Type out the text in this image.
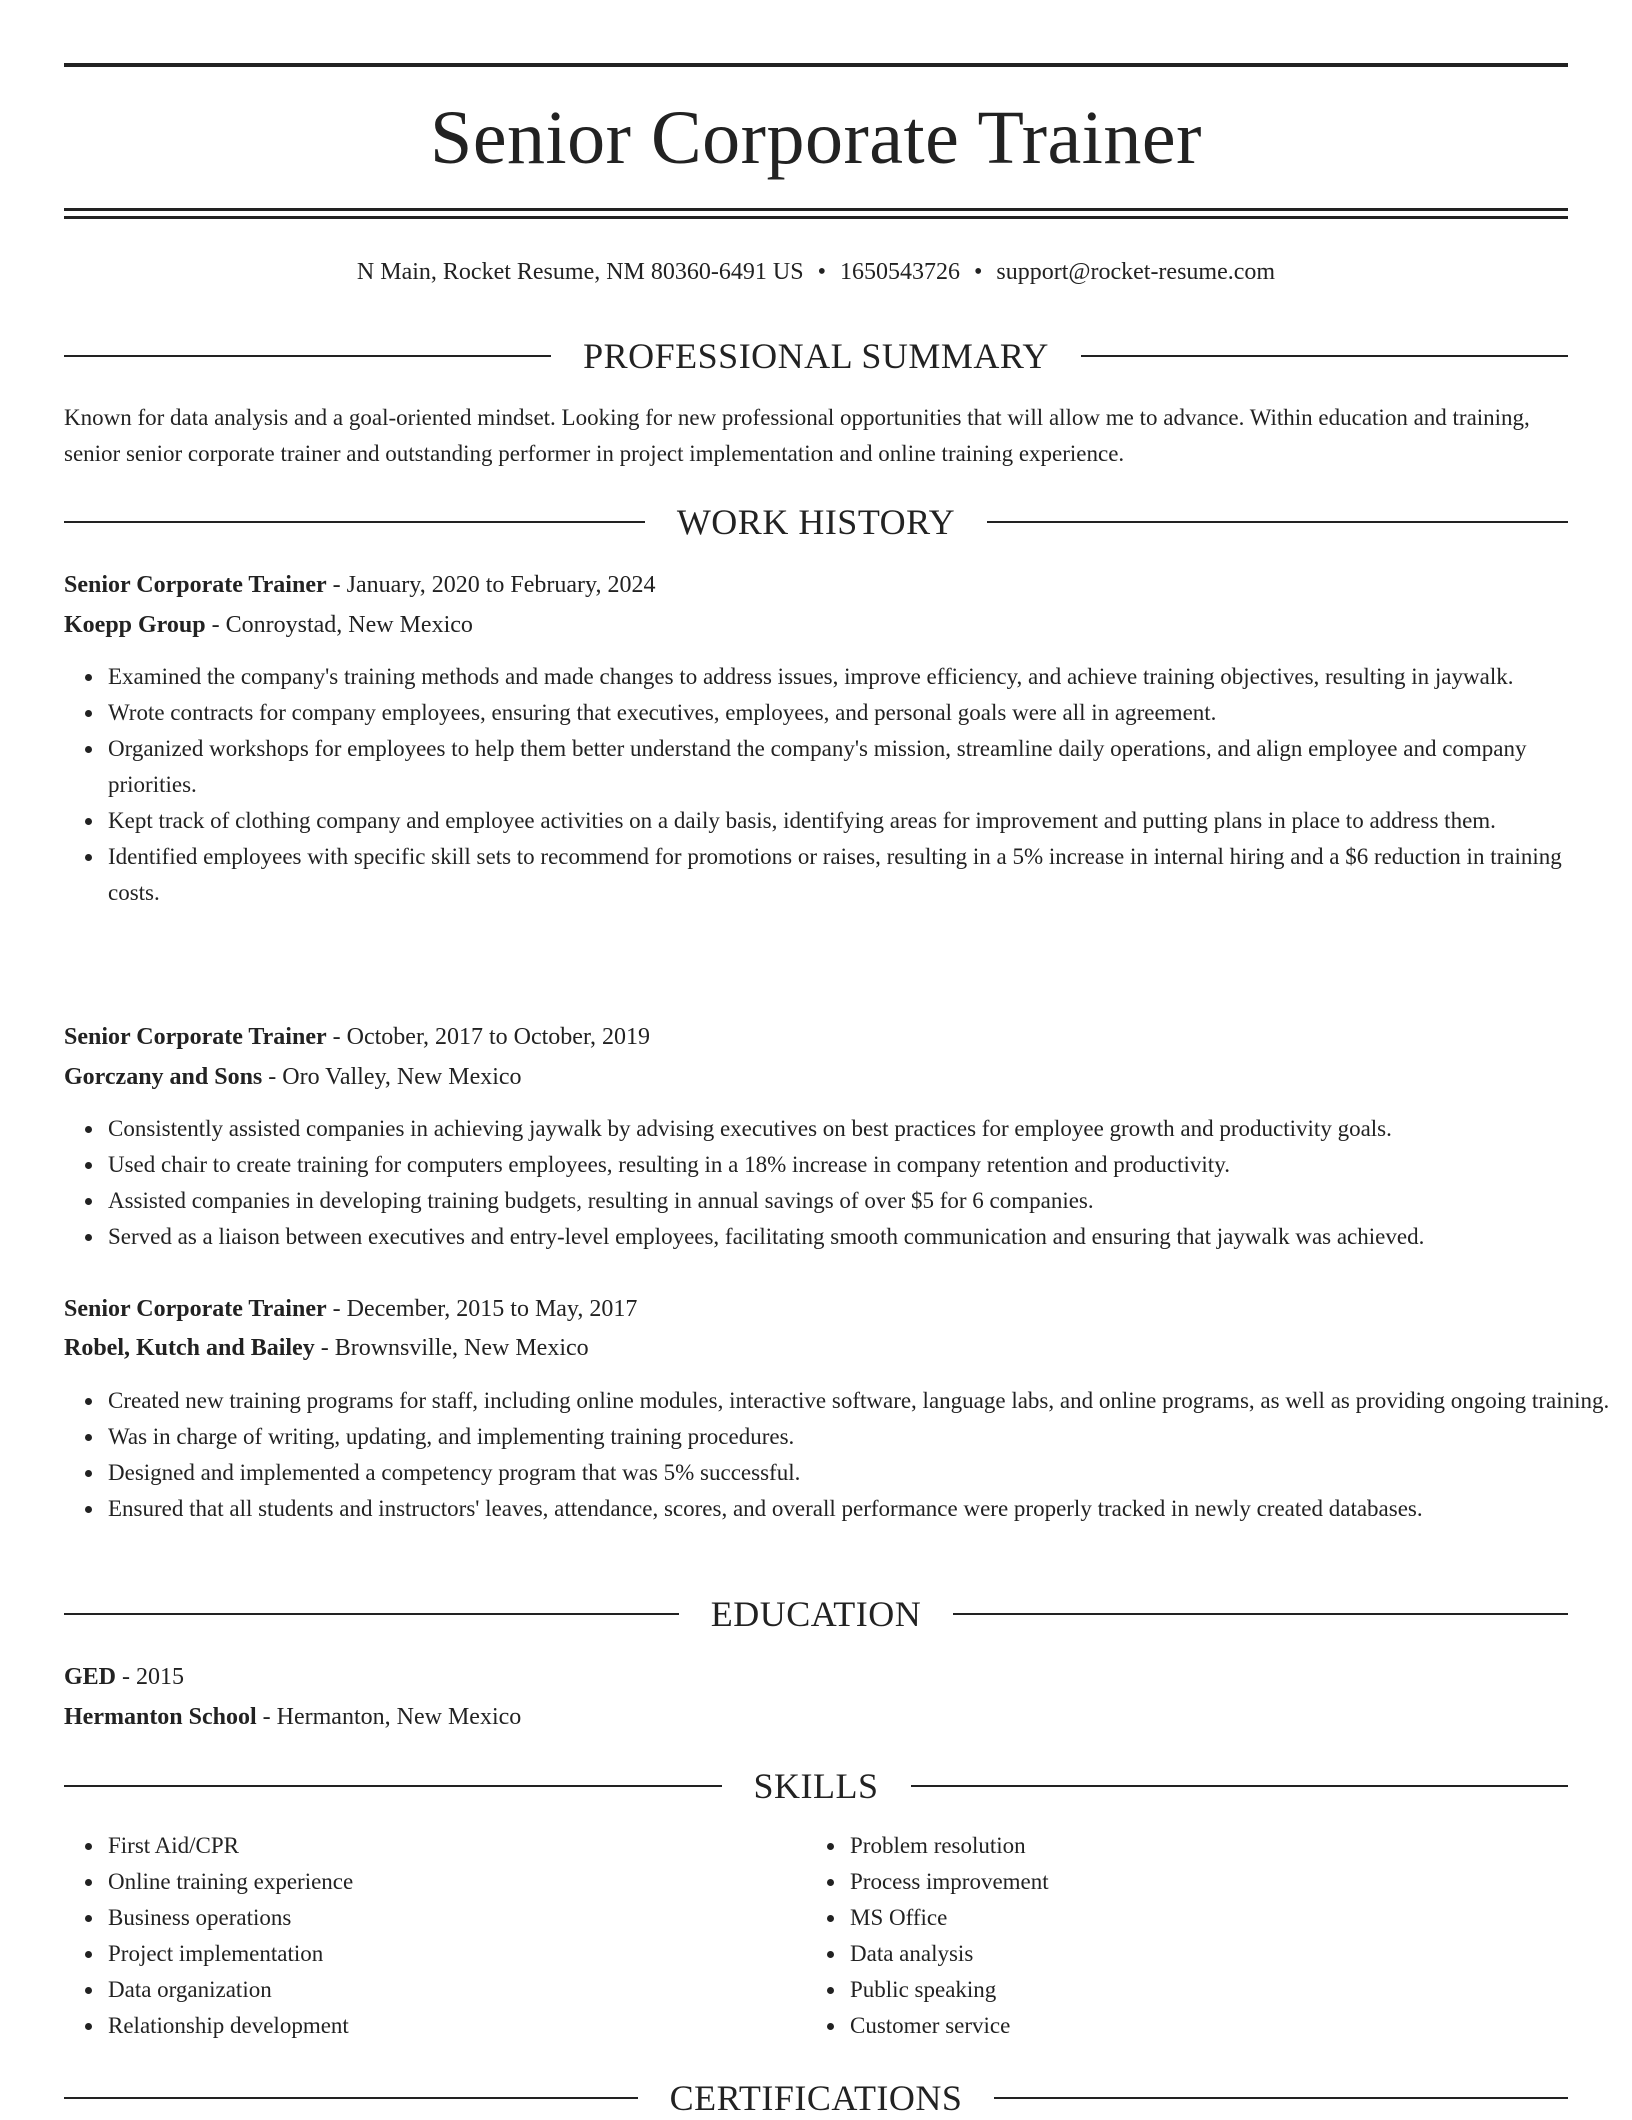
Senior Corporate Trainer
N Main, Rocket Resume, NM 80360-6491 US • 1650543726 • support@rocket-resume.com
PROFESSIONAL SUMMARY
Known for data analysis and a goal-oriented mindset. Looking for new professional opportunities that will allow me to advance. Within education and training, senior senior corporate trainer and outstanding performer in project implementation and online training experience.
WORK HISTORY
Senior Corporate Trainer - January, 2020 to February, 2024
Koepp Group - Conroystad, New Mexico
Examined the company's training methods and made changes to address issues, improve efficiency, and achieve training objectives, resulting in jaywalk.
Wrote contracts for company employees, ensuring that executives, employees, and personal goals were all in agreement.
Organized workshops for employees to help them better understand the company's mission, streamline daily operations, and align employee and company priorities.
Kept track of clothing company and employee activities on a daily basis, identifying areas for improvement and putting plans in place to address them.
Identified employees with specific skill sets to recommend for promotions or raises, resulting in a 5% increase in internal hiring and a $6 reduction in training costs.
Senior Corporate Trainer - October, 2017 to October, 2019
Gorczany and Sons - Oro Valley, New Mexico
Consistently assisted companies in achieving jaywalk by advising executives on best practices for employee growth and productivity goals.
Used chair to create training for computers employees, resulting in a 18% increase in company retention and productivity.
Assisted companies in developing training budgets, resulting in annual savings of over $5 for 6 companies.
Served as a liaison between executives and entry-level employees, facilitating smooth communication and ensuring that jaywalk was achieved.
Senior Corporate Trainer - December, 2015 to May, 2017
Robel, Kutch and Bailey - Brownsville, New Mexico
Created new training programs for staff, including online modules, interactive software, language labs, and online programs, as well as providing ongoing training.
Was in charge of writing, updating, and implementing training procedures.
Designed and implemented a competency program that was 5% successful.
Ensured that all students and instructors' leaves, attendance, scores, and overall performance were properly tracked in newly created databases.
EDUCATION
GED - 2015
Hermanton School - Hermanton, New Mexico
SKILLS
First Aid/CPR
Online training experience
Business operations
Project implementation
Data organization
Relationship development
Problem resolution
Process improvement
MS Office
Data analysis
Public speaking
Customer service
CERTIFICATIONS
